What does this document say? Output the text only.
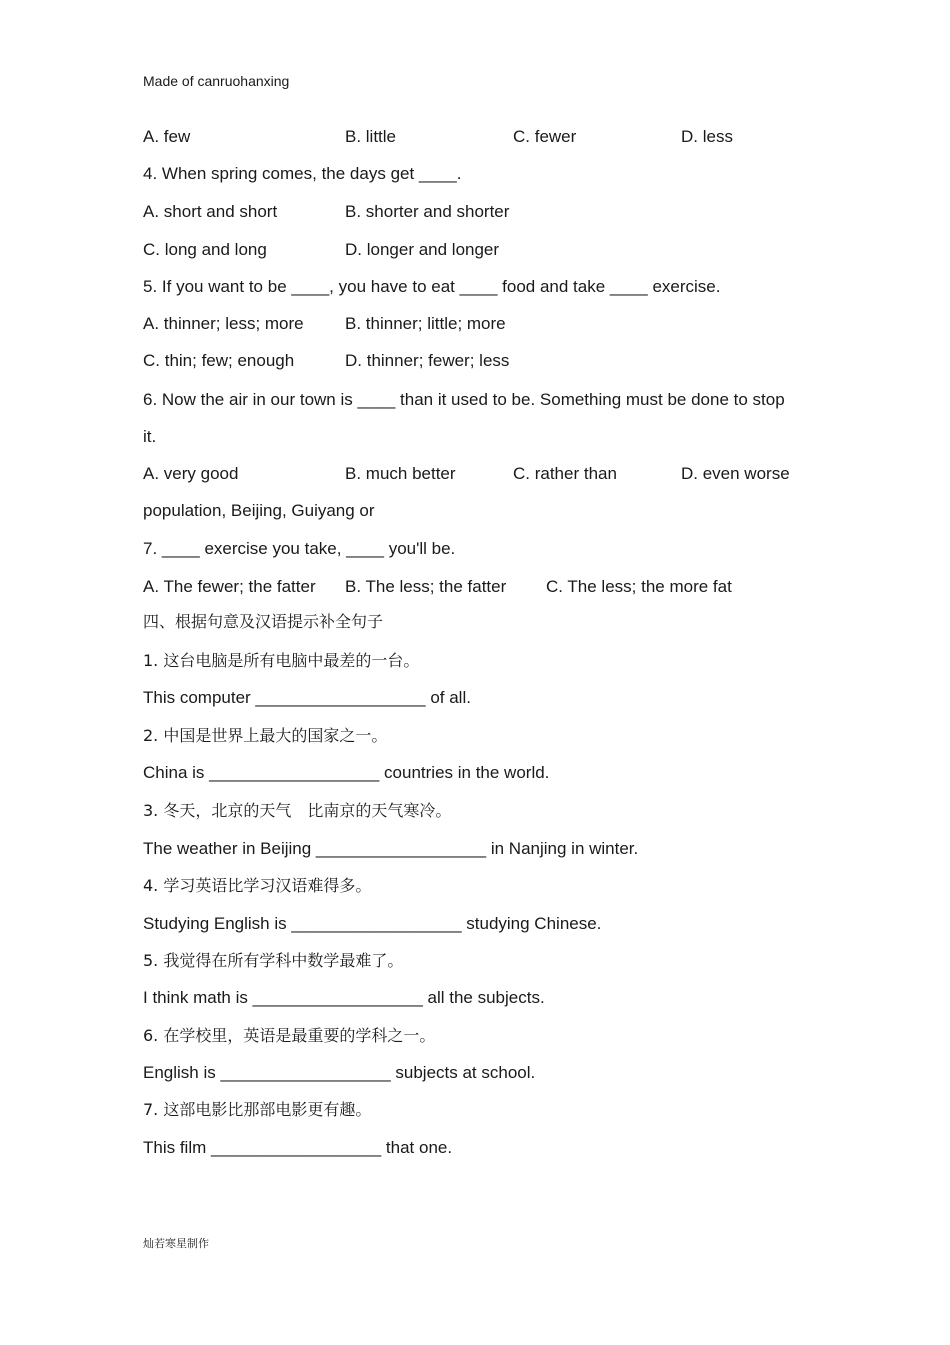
Made of canruohanxing
A. few	B. little	C. fewer	D. less
4. When spring comes, the days get ____.
A. short and short	B. shorter and shorter
C. long and long	D. longer and longer
5. If you want to be ____, you have to eat ____ food and take ____ exercise.
A. thinner; less; more B. thinner; little; more
C. thin; few; enough	D. thinner; fewer; less
6. Now the air in our town is ____ than it used to be. Something must be done to stop
it.
A. very good	B. much better	C. rather than	D. even worse
population, Beijing, Guiyang or
7. ____ exercise you take, ____ you'll be.
A. The fewer; the fatter B. The less; the fatter C. The less; the more fat
四、根据句意及汉语提示补全句子
1. 这台电脑是所有电脑中最差的一台。
This computer __________________ of all.
2. 中国是世界上最大的国家之一。
China is __________________ countries in the world.
3. 冬天，北京的天气　比南京的天气寒冷。
The weather in Beijing __________________ in Nanjing in winter.
4. 学习英语比学习汉语难得多。
Studying English is __________________ studying Chinese.
5. 我觉得在所有学科中数学最难了。
I think math is __________________ all the subjects.
6. 在学校里，英语是最重要的学科之一。
English is __________________ subjects at school.
7. 这部电影比那部电影更有趣。
This film __________________ that one.
灿若寒星制作
